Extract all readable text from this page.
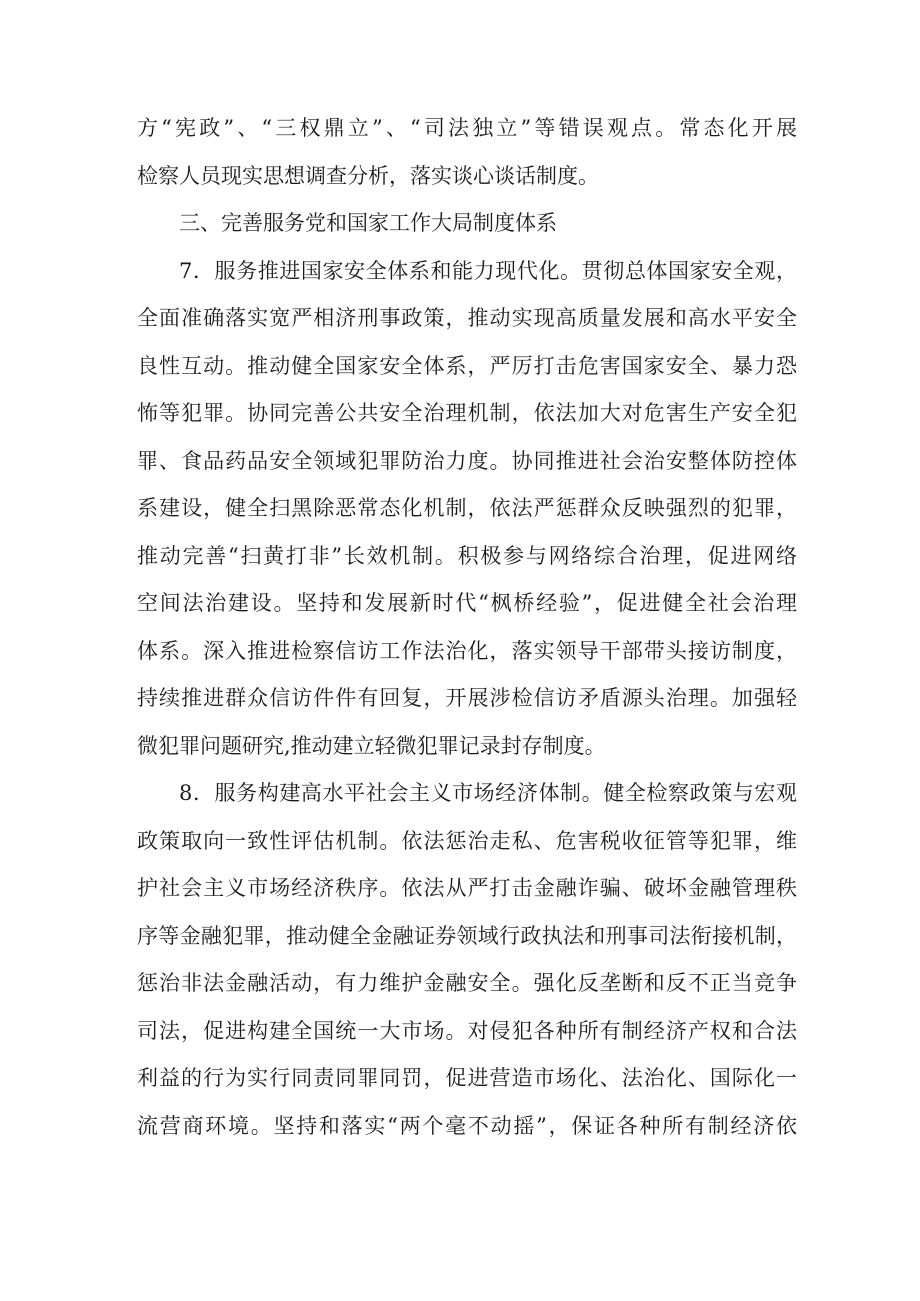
方“宪政”、“三权鼎立”、“司法独立”等错误观点。常态化开展
检察人员现实思想调查分析，落实谈心谈话制度。
三、完善服务党和国家工作大局制度体系
7．服务推进国家安全体系和能力现代化。贯彻总体国家安全观，
全面准确落实宽严相济刑事政策，推动实现高质量发展和高水平安全
良性互动。推动健全国家安全体系，严厉打击危害国家安全、暴力恐
怖等犯罪。协同完善公共安全治理机制，依法加大对危害生产安全犯
罪、食品药品安全领域犯罪防治力度。协同推进社会治安整体防控体
系建设，健全扫黑除恶常态化机制，依法严惩群众反映强烈的犯罪，
推动完善“扫黄打非”长效机制。积极参与网络综合治理，促进网络
空间法治建设。坚持和发展新时代“枫桥经验”，促进健全社会治理
体系。深入推进检察信访工作法治化，落实领导干部带头接访制度，
持续推进群众信访件件有回复，开展涉检信访矛盾源头治理。加强轻
微犯罪问题研究,推动建立轻微犯罪记录封存制度。
8．服务构建高水平社会主义市场经济体制。健全检察政策与宏观
政策取向一致性评估机制。依法惩治走私、危害税收征管等犯罪，维
护社会主义市场经济秩序。依法从严打击金融诈骗、破坏金融管理秩
序等金融犯罪，推动健全金融证券领域行政执法和刑事司法衔接机制，
惩治非法金融活动，有力维护金融安全。强化反垄断和反不正当竞争
司法，促进构建全国统一大市场。对侵犯各种所有制经济产权和合法
利益的行为实行同责同罪同罚，促进营造市场化、法治化、国际化一
流营商环境。坚持和落实“两个毫不动摇”，保证各种所有制经济依
